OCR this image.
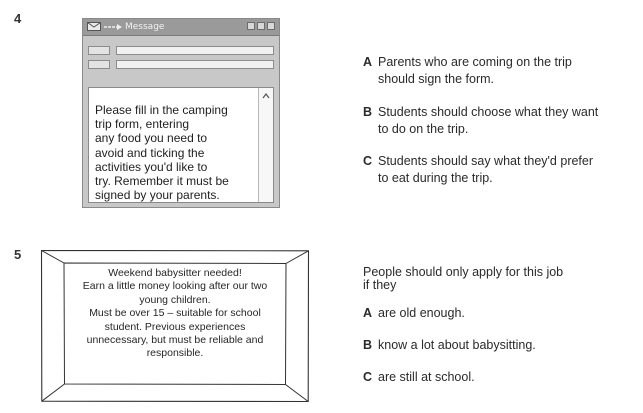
4
Message
Please fill in the camping
trip form, entering
any food you need to
avoid and ticking the
activities you'd like to
try. Remember it must be
signed by your parents.
A Parents who are coming on the trip
should sign the form.
B Students should choose what they want
to do on the trip.
C Students should say what they'd prefer
to eat during the trip.
5
Weekend babysitter needed!
Earn a little money looking after our two
young children.
Must be over 15 – suitable for school
student. Previous experiences
unnecessary, but must be reliable and
responsible.
People should only apply for this job
if they
A are old enough.
B know a lot about babysitting.
C are still at school.
